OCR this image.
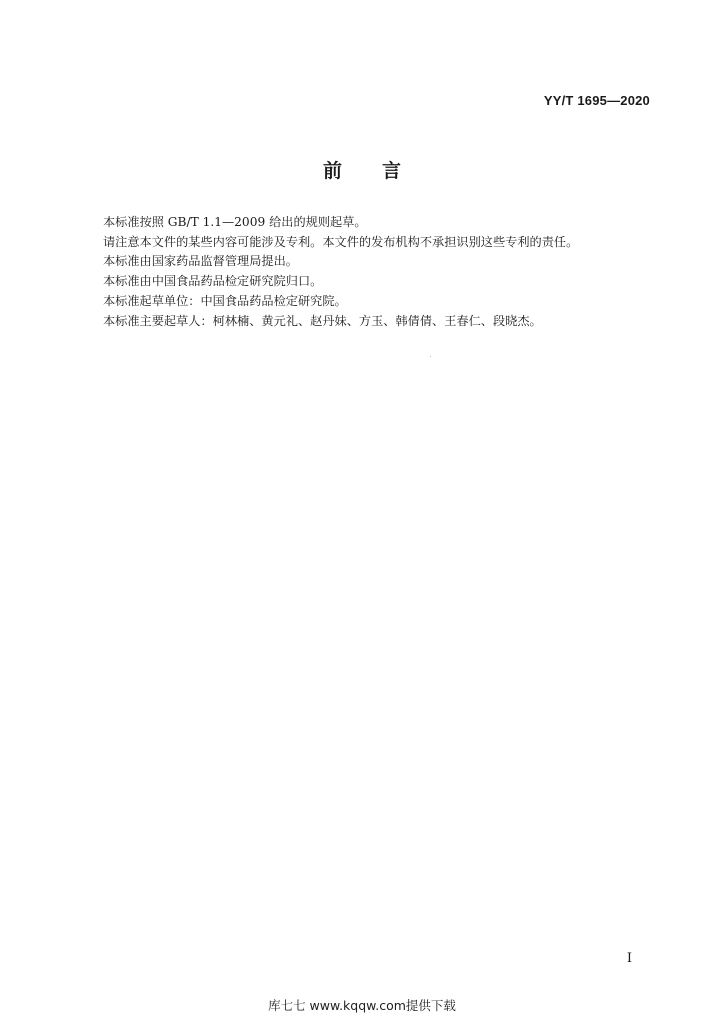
YY/T 1695—2020
前言

本标准按照 GB/T 1.1—2009 给出的规则起草。

请注意本文件的某些内容可能涉及专利。本文件的发布机构不承担识别这些专利的责任。

本标准由国家药品监督管理局提出。

本标准由中国食品药品检定研究院归口。

本标准起草单位：中国食品药品检定研究院。

本标准主要起草人：柯林楠、黄元礼、赵丹妹、方玉、韩倩倩、王春仁、段晓杰。

I
库七七 www.kqqw.com提供下载
